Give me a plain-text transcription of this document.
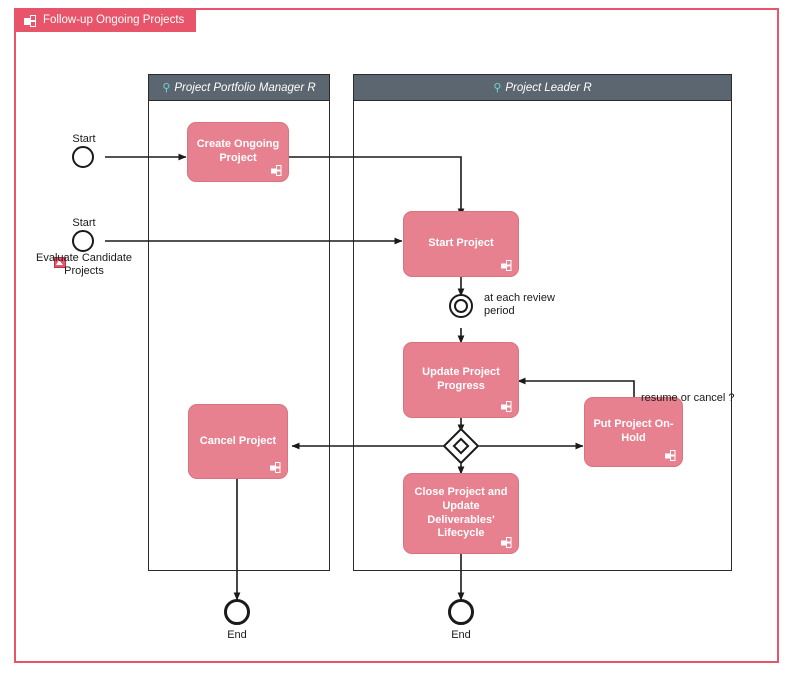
Follow-up Ongoing Projects
⚲ Project Portfolio Manager R	⚲ Project Leader R
Start
Start
Evaluate Candidate Projects
at each review period
Create Ongoing Project
Start Project
Update Project Progress
Put Project On-Hold
Cancel Project
Close Project and Update Deliverables' Lifecycle
resume or cancel ?
End	End
